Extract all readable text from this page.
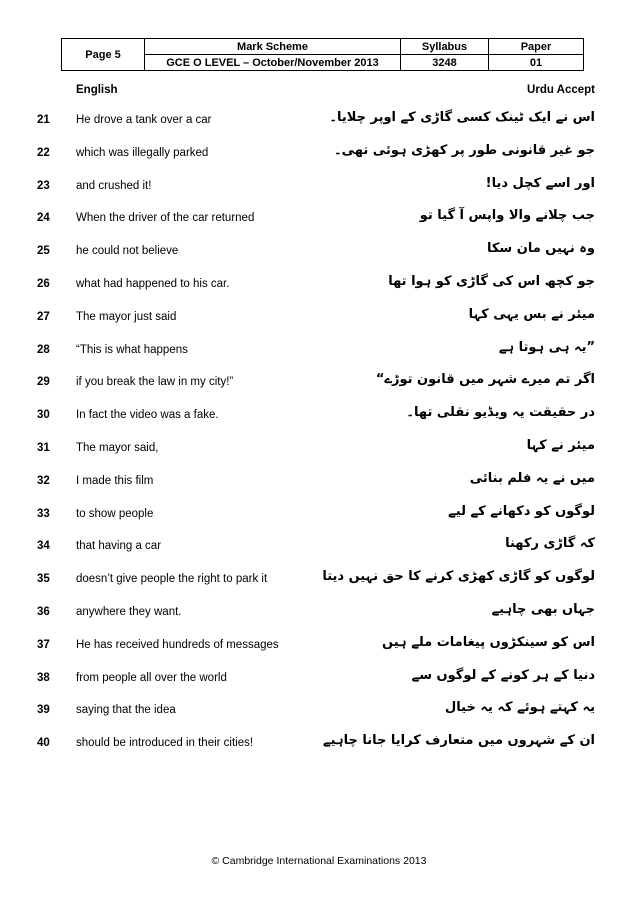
Page 5	Mark Scheme	Syllabus	Paper
	GCE O LEVEL – October/November 2013	3248	01
English	Urdu Accept
21 He drove a tank over a car	اس نے ایک ٹینک کسی گاڑی کے اوپر چلایا۔
22 which was illegally parked	جو غیر قانونی طور پر کھڑی ہوئی تھی۔
23 and crushed it!	اور اسے کچل دیا!
24 When the driver of the car returned	جب چلانے والا واپس آ گیا تو
25 he could not believe	وہ نہیں مان سکا
26 what had happened to his car.	جو کچھ اس کی گاڑی کو ہوا تھا
27 The mayor just said	میئر نے بس یہی کہا
28 “This is what happens	”یہ ہی ہوتا ہے
29 if you break the law in my city!”	اگر تم میرے شہر میں قانون توڑے“
30 In fact the video was a fake.	در حقیقت یہ ویڈیو نقلی تھا۔
31 The mayor said,	میئر نے کہا
32 I made this film	میں نے یہ فلم بنائی
33 to show people	لوگوں کو دکھانے کے لیے
34 that having a car	کہ گاڑی رکھنا
35 doesn’t give people the right to park it	لوگوں کو گاڑی کھڑی کرنے کا حق نہیں دیتا
36 anywhere they want.	جہاں بھی چاہیے
37 He has received hundreds of messages	اس کو سینکڑوں پیغامات ملے ہیں
38 from people all over the world	دنیا کے ہر کونے کے لوگوں سے
39 saying that the idea	یہ کہتے ہوئے کہ یہ خیال
40 should be introduced in their cities!	ان کے شہروں میں متعارف کرایا جانا چاہیے
© Cambridge International Examinations 2013
